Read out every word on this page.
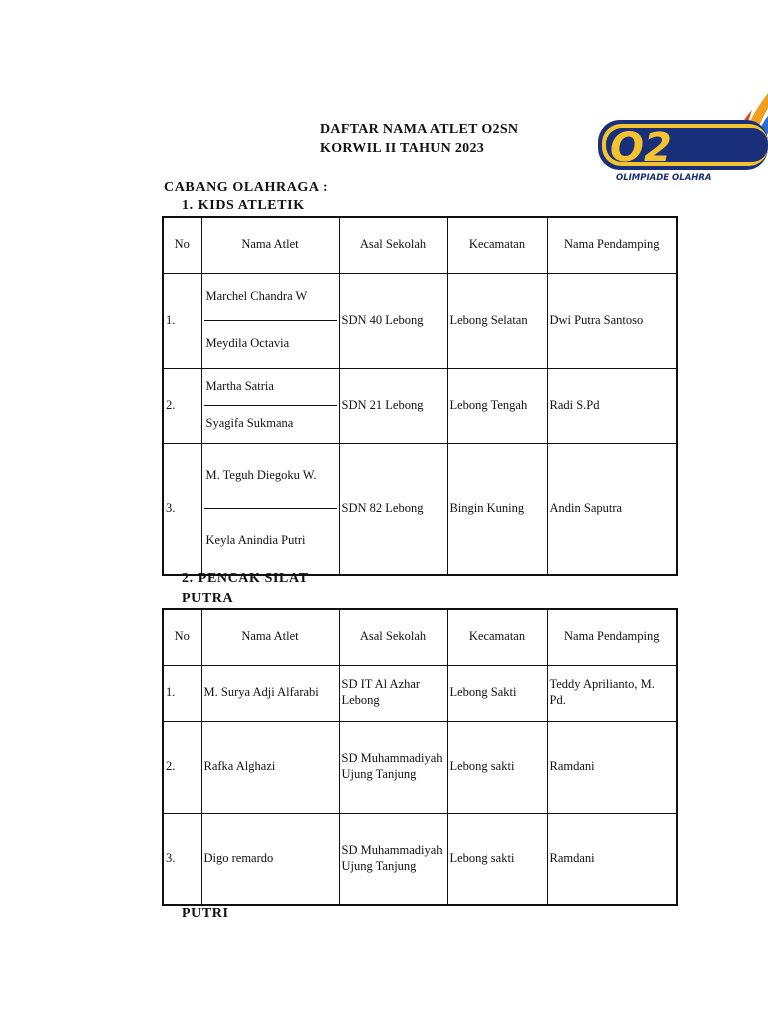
DAFTAR NAMA ATLET O2SN
KORWIL II TAHUN 2023	O2
OLIMPIADE OLAHRA
CABANG OLAHRAGA :
1. KIDS ATLETIK
No	Nama Atlet	Asal Sekolah	Kecamatan	Nama Pendamping
1.	Marchel Chandra W
Meydila Octavia	SDN 40 Lebong	Lebong Selatan	Dwi Putra Santoso
2.	Martha Satria
Syagifa Sukmana	SDN 21 Lebong	Lebong Tengah	Radi S.Pd
3.	M. Teguh Diegoku W.
Keyla Anindia Putri	SDN 82 Lebong	Bingin Kuning	Andin Saputra
2. PENCAK SILAT
PUTRA
No	Nama Atlet	Asal Sekolah	Kecamatan	Nama Pendamping
1.	M. Surya Adji Alfarabi	SD IT Al Azhar Lebong	Lebong Sakti	Teddy Aprilianto, M. Pd.
2.	Rafka Alghazi	SD Muhammadiyah Ujung Tanjung	Lebong sakti	Ramdani
3.	Digo remardo	SD Muhammadiyah Ujung Tanjung	Lebong sakti	Ramdani
PUTRI
